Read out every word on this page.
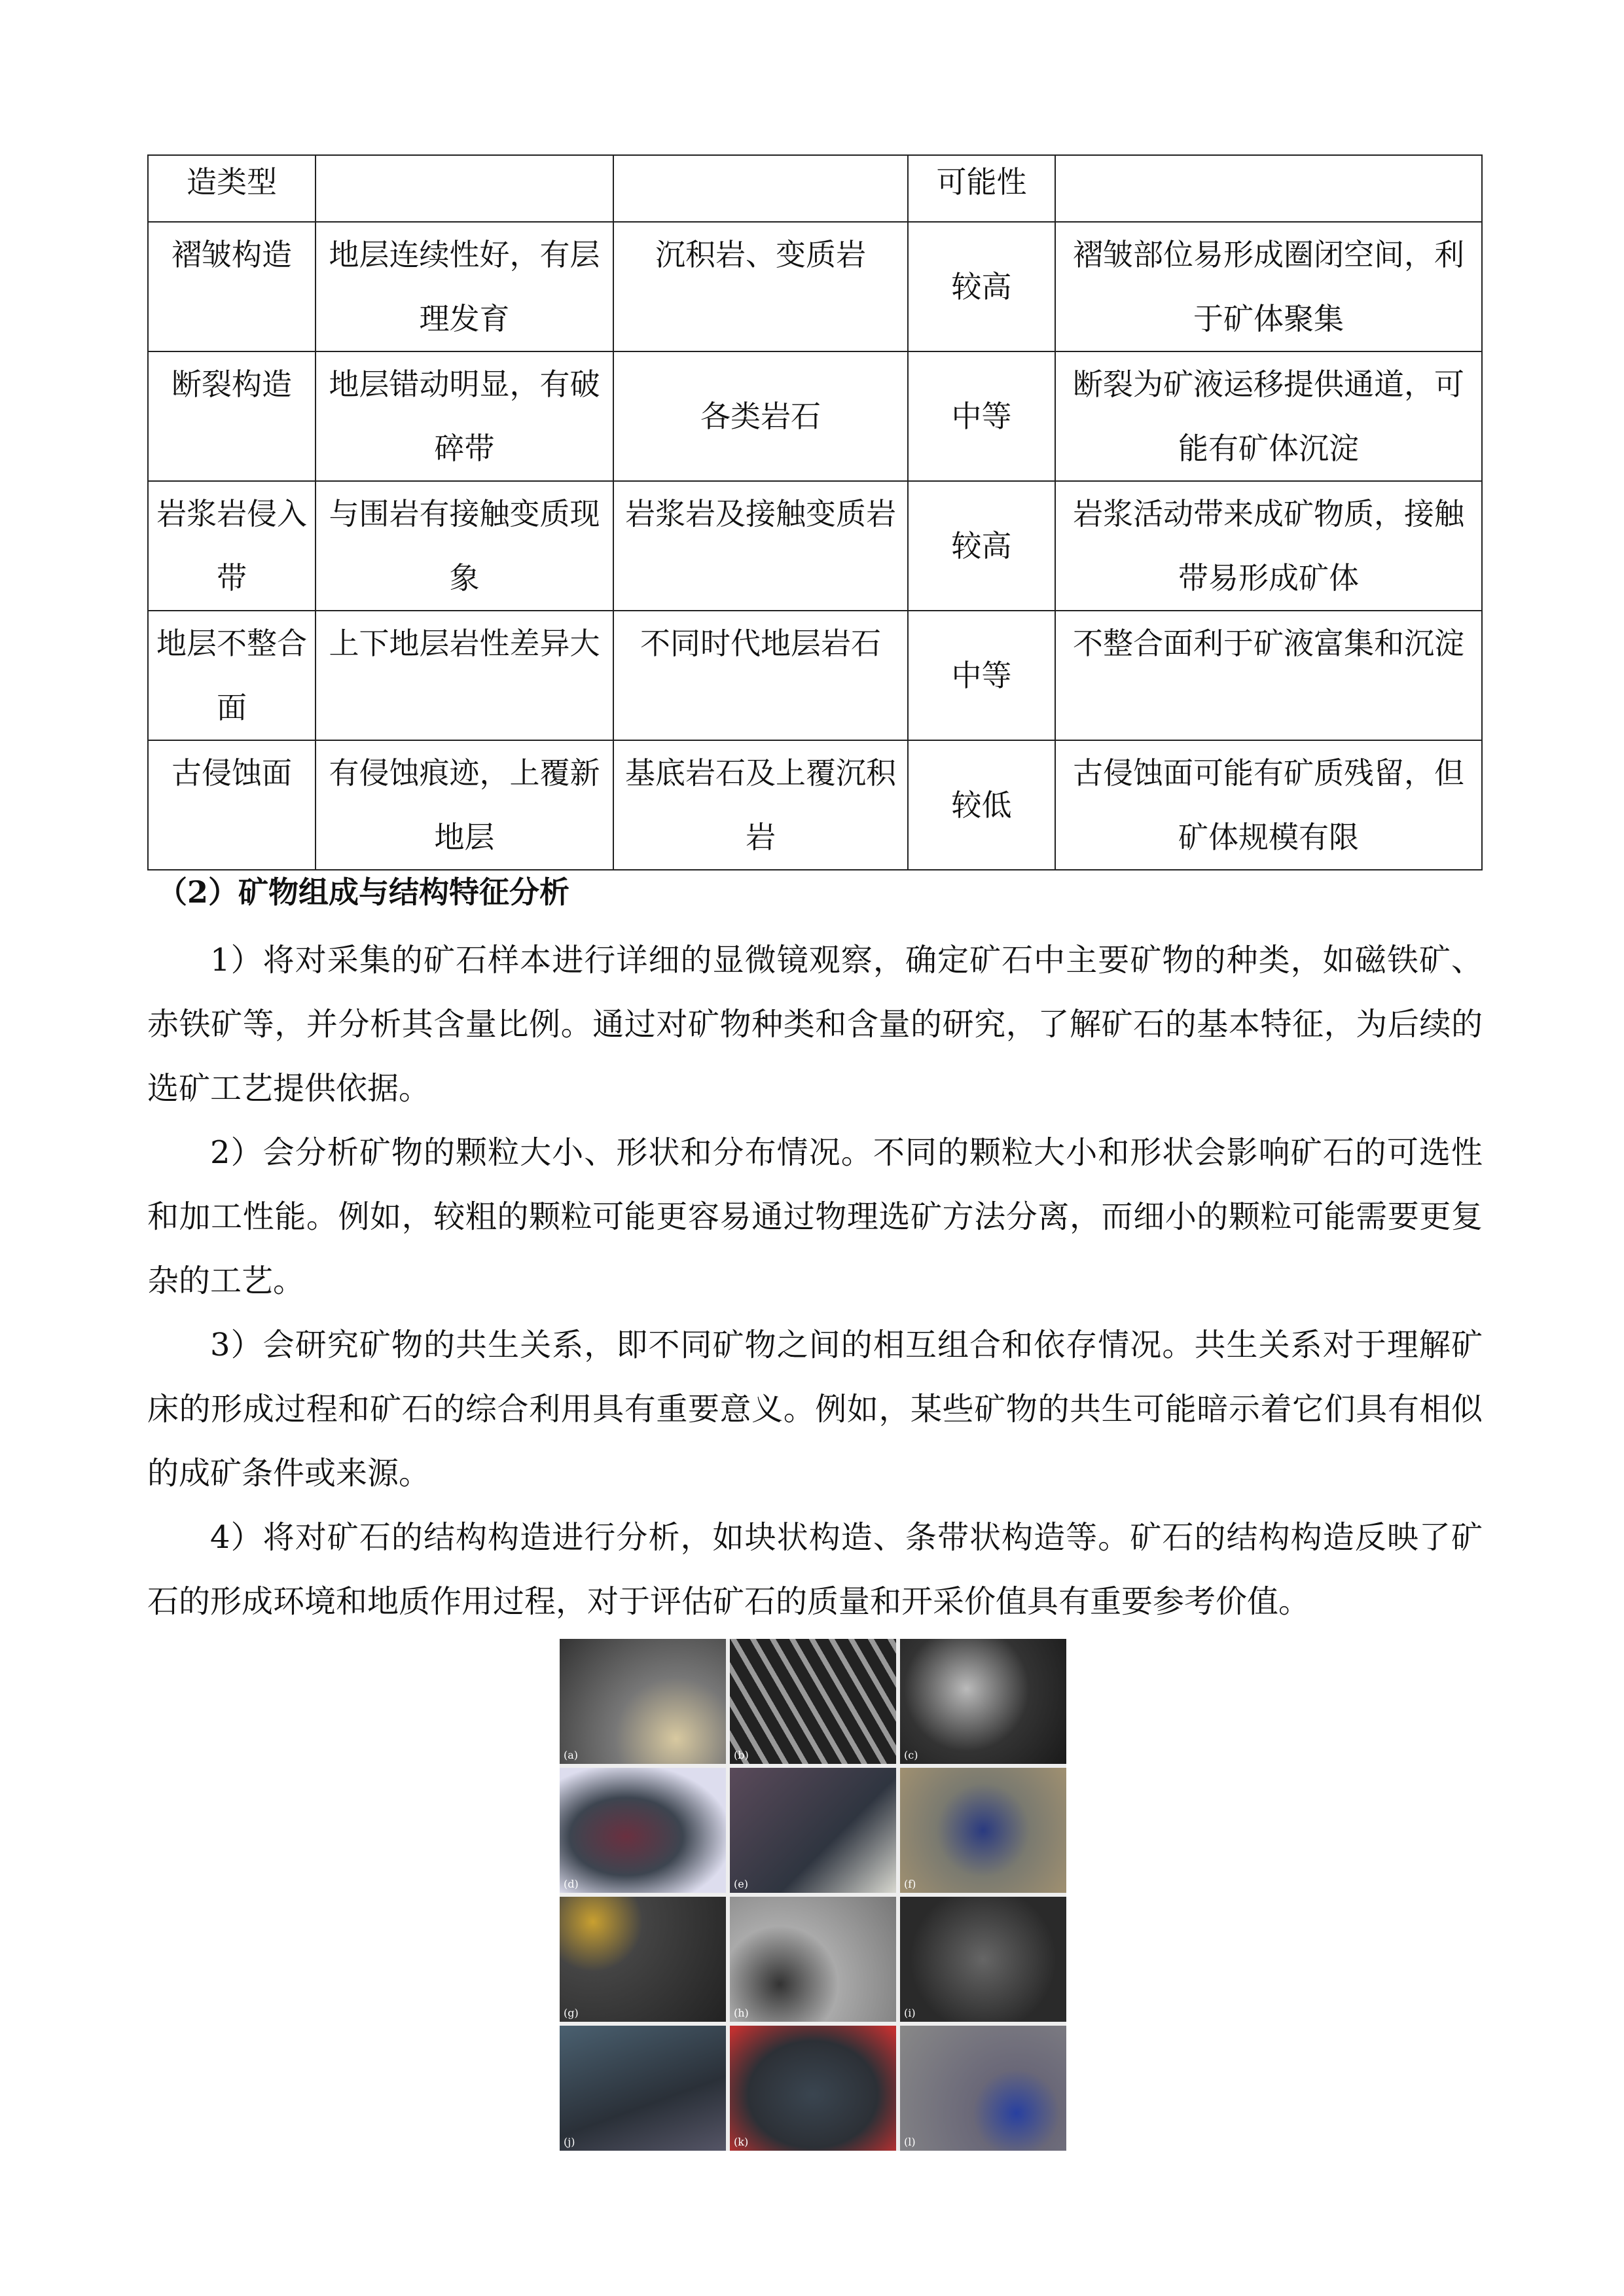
造类型			可能性	
褶皱构造	地层连续性好，有层理发育	沉积岩、变质岩	较高	褶皱部位易形成圈闭空间，利于矿体聚集
断裂构造	地层错动明显，有破碎带	各类岩石	中等	断裂为矿液运移提供通道，可能有矿体沉淀
岩浆岩侵入带	与围岩有接触变质现象	岩浆岩及接触变质岩	较高	岩浆活动带来成矿物质，接触带易形成矿体
地层不整合面	上下地层岩性差异大	不同时代地层岩石	中等	不整合面利于矿液富集和沉淀
古侵蚀面	有侵蚀痕迹，上覆新地层	基底岩石及上覆沉积岩	较低	古侵蚀面可能有矿质残留，但矿体规模有限
（2）矿物组成与结构特征分析

1）将对采集的矿石样本进行详细的显微镜观察，确定矿石中主要矿物的种类，如磁铁矿、赤铁矿等，并分析其含量比例。通过对矿物种类和含量的研究，了解矿石的基本特征，为后续的选矿工艺提供依据。

2）会分析矿物的颗粒大小、形状和分布情况。不同的颗粒大小和形状会影响矿石的可选性和加工性能。例如，较粗的颗粒可能更容易通过物理选矿方法分离，而细小的颗粒可能需要更复杂的工艺。

3）会研究矿物的共生关系，即不同矿物之间的相互组合和依存情况。共生关系对于理解矿床的形成过程和矿石的综合利用具有重要意义。例如，某些矿物的共生可能暗示着它们具有相似的成矿条件或来源。

4）将对矿石的结构构造进行分析，如块状构造、条带状构造等。矿石的结构构造反映了矿石的形成环境和地质作用过程，对于评估矿石的质量和开采价值具有重要参考价值。

(a)	(b)	(c)
(d)	(e)	(f)
(g)	(h)	(i)
(j)	(k)	(l)
